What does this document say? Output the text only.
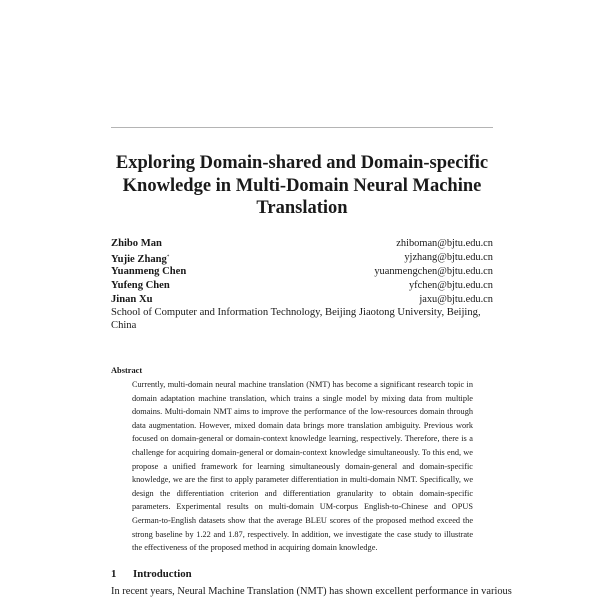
Exploring Domain-shared and Domain-specific
Knowledge in Multi-Domain Neural Machine
Translation
Zhibo Man	zhiboman@bjtu.edu.cn
Yujie Zhang*	yjzhang@bjtu.edu.cn
Yuanmeng Chen	yuanmengchen@bjtu.edu.cn
Yufeng Chen	yfchen@bjtu.edu.cn
Jinan Xu	jaxu@bjtu.edu.cn
School of Computer and Information Technology, Beijing Jiaotong University, Beijing, China
Abstract
Currently, multi-domain neural machine translation (NMT) has become a significant research topic in domain adaptation machine translation, which trains a single model by mixing data from multiple domains. Multi-domain NMT aims to improve the performance of the low-resources domain through data augmentation. However, mixed domain data brings more translation ambiguity. Previous work focused on domain-general or domain-context knowledge learning, respectively. Therefore, there is a challenge for acquiring domain-general or domain-context knowledge simultaneously. To this end, we propose a unified framework for learning simultaneously domain-general and domain-specific knowledge, we are the first to apply parameter differentiation in multi-domain NMT. Specifically, we design the differentiation criterion and differentiation granularity to obtain domain-specific parameters. Experimental results on multi-domain UM-corpus English-to-Chinese and OPUS German-to-English datasets show that the average BLEU scores of the proposed method exceed the strong baseline by 1.22 and 1.87, respectively. In addition, we investigate the case study to illustrate the effectiveness of the proposed method in acquiring domain knowledge.
1 Introduction
In recent years, Neural Machine Translation (NMT) has shown excellent performance in various
